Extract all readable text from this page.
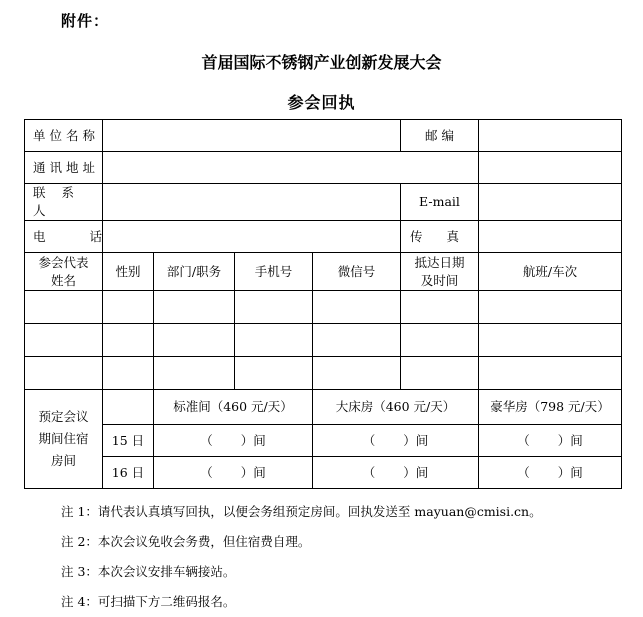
附件：
首届国际不锈钢产业创新发展大会
参会回执
单位名称					邮 编	
通讯地址						
联系人					E-mail	
电 话					传 真	
参会代表姓名	性别	部门/职务	手机号	微信号	抵达日期及时间	航班/车次

预定会议期间住宿房间		标准间（460 元/天）		大床房（460 元/天）		豪华房（798 元/天）
	15 日	（ ）间		（ ）间		（ ）间
	16 日	（ ）间		（ ）间		（ ）间
注 1：请代表认真填写回执，以便会务组预定房间。回执发送至 mayuan@cmisi.cn。
注 2：本次会议免收会务费，但住宿费自理。
注 3：本次会议安排车辆接站。
注 4：可扫描下方二维码报名。
